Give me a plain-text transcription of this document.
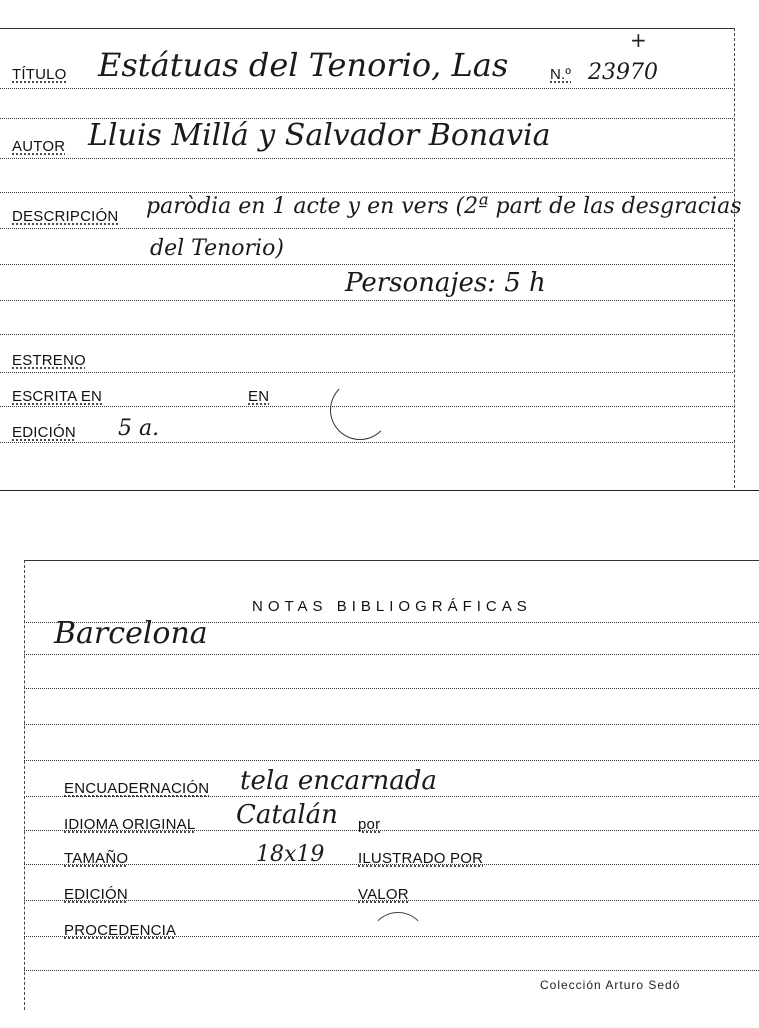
TÍTULO Estátuas del Tenorio, Las	N.º 23970
+
AUTOR Lluis Millá y Salvador Bonavia
DESCRIPCIÓN paròdia en 1 acte y en vers (2ª part de las desgracias
del Tenorio)
Personajes: 5 h
ESTRENO
ESCRITA EN	EN
EDICIÓN 5 a.
NOTAS BIBLIOGRÁFICAS
Barcelona
ENCUADERNACIÓN tela encarnada
IDIOMA ORIGINAL Catalán por
TAMAÑO	18x19 ILUSTRADO POR
EDICIÓN	VALOR
PROCEDENCIA
Colección Arturo Sedó
